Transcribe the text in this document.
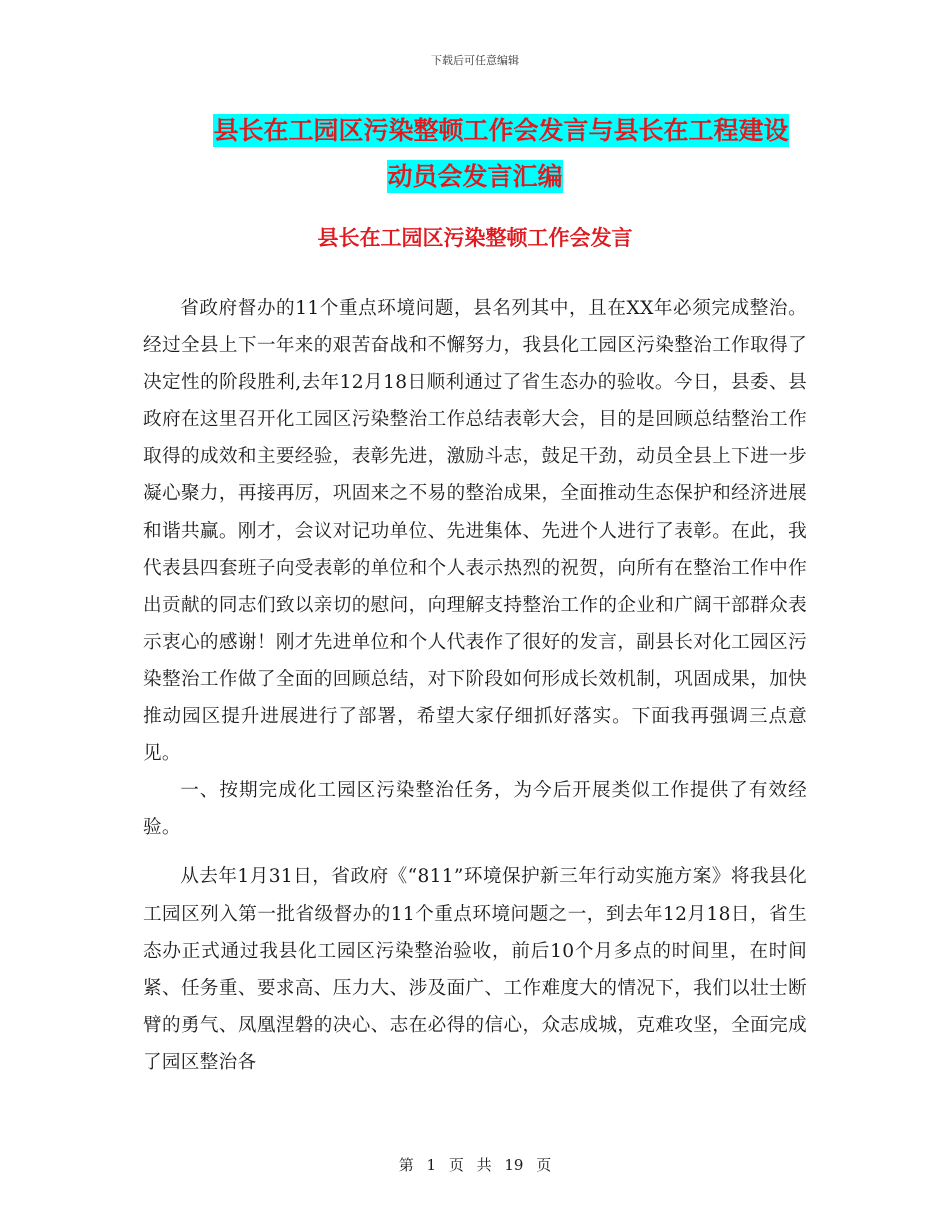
下载后可任意编辑
县长在工园区污染整顿工作会发言与县长在工程建设
动员会发言汇编
县长在工园区污染整顿工作会发言

省政府督办的11个重点环境问题，县名列其中，且在XX年必须完成整治。经过全县上下一年来的艰苦奋战和不懈努力，我县化工园区污染整治工作取得了决定性的阶段胜利,去年12月18日顺利通过了省生态办的验收。今日，县委、县政府在这里召开化工园区污染整治工作总结表彰大会，目的是回顾总结整治工作取得的成效和主要经验，表彰先进，激励斗志，鼓足干劲，动员全县上下进一步凝心聚力，再接再厉，巩固来之不易的整治成果，全面推动生态保护和经济进展和谐共赢。刚才，会议对记功单位、先进集体、先进个人进行了表彰。在此，我代表县四套班子向受表彰的单位和个人表示热烈的祝贺，向所有在整治工作中作出贡献的同志们致以亲切的慰问，向理解支持整治工作的企业和广阔干部群众表示衷心的感谢！刚才先进单位和个人代表作了很好的发言，副县长对化工园区污染整治工作做了全面的回顾总结，对下阶段如何形成长效机制，巩固成果，加快推动园区提升进展进行了部署，希望大家仔细抓好落实。下面我再强调三点意见。

一、按期完成化工园区污染整治任务，为今后开展类似工作提供了有效经验。

从去年1月31日，省政府《“811”环境保护新三年行动实施方案》将我县化工园区列入第一批省级督办的11个重点环境问题之一，到去年12月18日，省生态办正式通过我县化工园区污染整治验收，前后10个月多点的时间里，在时间紧、任务重、要求高、压力大、涉及面广、工作难度大的情况下，我们以壮士断臂的勇气、凤凰涅磐的决心、志在必得的信心，众志成城，克难攻坚，全面完成了园区整治各

第 1 页 共 19 页
